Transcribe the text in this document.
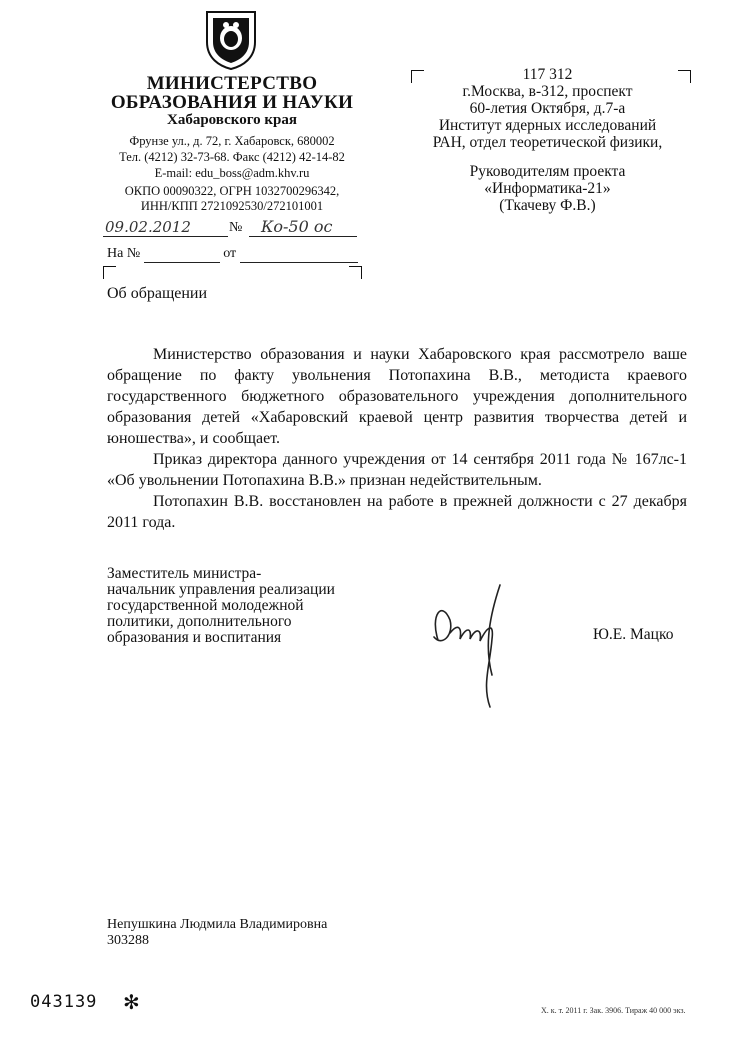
МИНИСТЕРСТВО
ОБРАЗОВАНИЯ И НАУКИ
Хабаровского края
Фрунзе ул., д. 72, г. Хабаровск, 680002
Тел. (4212) 32-73-68. Факс (4212) 42-14-82
E-mail: edu_boss@adm.khv.ru
ОКПО 00090322, ОГРН 1032700296342,
ИНН/КПП 2721092530/272101001
09.02.2012	№ Ко-50 ос
На №	от
117 312
г.Москва, в-312, проспект
60-летия Октября, д.7-а
Институт ядерных исследований
РАН, отдел теоретической физики,
Руководителям проекта
«Информатика-21»
(Ткачеву Ф.В.)
Об обращении

Министерство образования и науки Хабаровского края рассмотрело ваше обращение по факту увольнения Потопахина В.В., методиста краевого государственного бюджетного образовательного учреждения дополнительного образования детей «Хабаровский краевой центр развития творчества детей и юношества», и сообщает.

Приказ директора данного учреждения от 14 сентября 2011 года № 167лс-1 «Об увольнении Потопахина В.В.» признан недействительным.

Потопахин В.В. восстановлен на работе в прежней должности с 27 декабря 2011 года.

Заместитель министра-
начальник управления реализации
государственной молодежной
политики, дополнительного
образования и воспитания	Ю.Е. Мацко
Непушкина Людмила Владимировна
303288
043139 ✻	Х. к. т. 2011 г. Зак. 3906. Тираж 40 000 экз.
